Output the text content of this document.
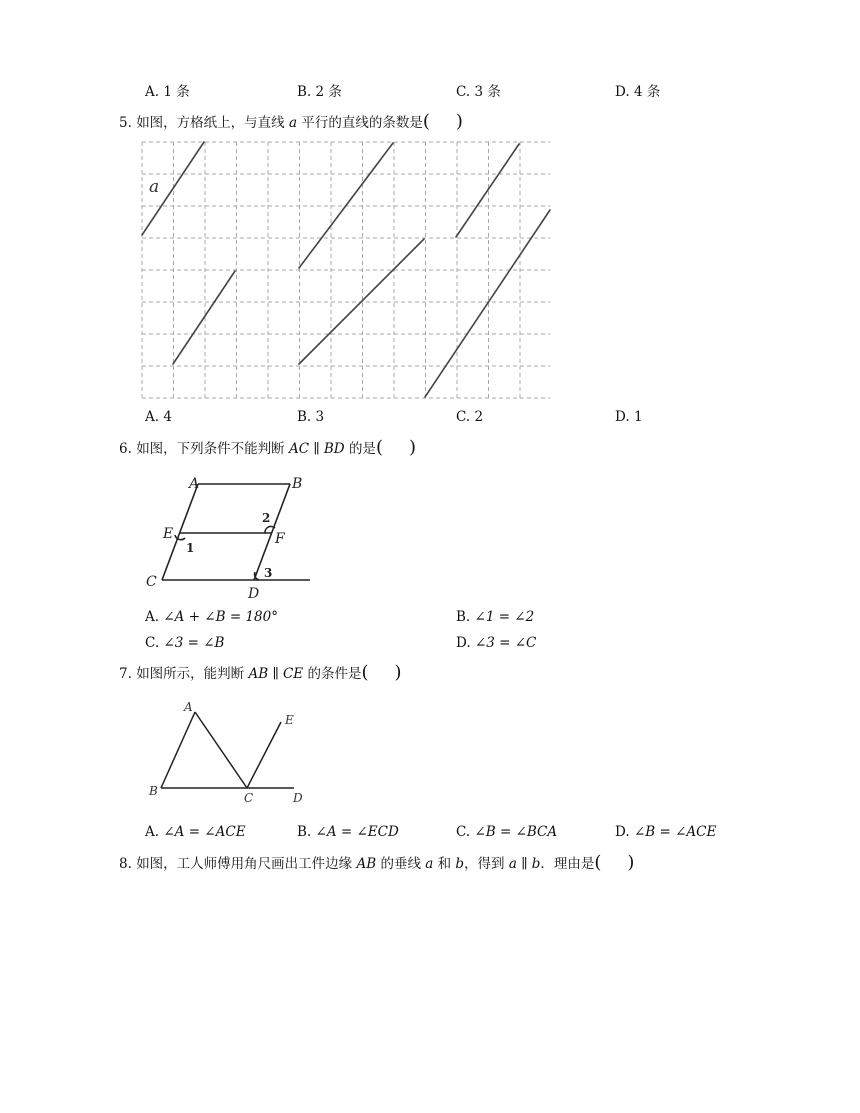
A. 1 条	B. 2 条	C. 3 条	D. 4 条
5. 如图，方格纸上，与直线 a 平行的直线的条数是( )
a
A. 4	B. 3	C. 2	D. 1
6. 如图，下列条件不能判断 AC ∥ BD 的是( )
A	B
E	F
C
D
1
2
3
A. ∠A + ∠B = 180°	B. ∠1 = ∠2
C. ∠3 = ∠B	D. ∠3 = ∠C
7. 如图所示，能判断 AB ∥ CE 的条件是( )
A
B	C	D
E
A. ∠A = ∠ACE	B. ∠A = ∠ECD	C. ∠B = ∠BCA	D. ∠B = ∠ACE
8. 如图，工人师傅用角尺画出工件边缘 AB 的垂线 a 和 b，得到 a ∥ b．理由是( )
